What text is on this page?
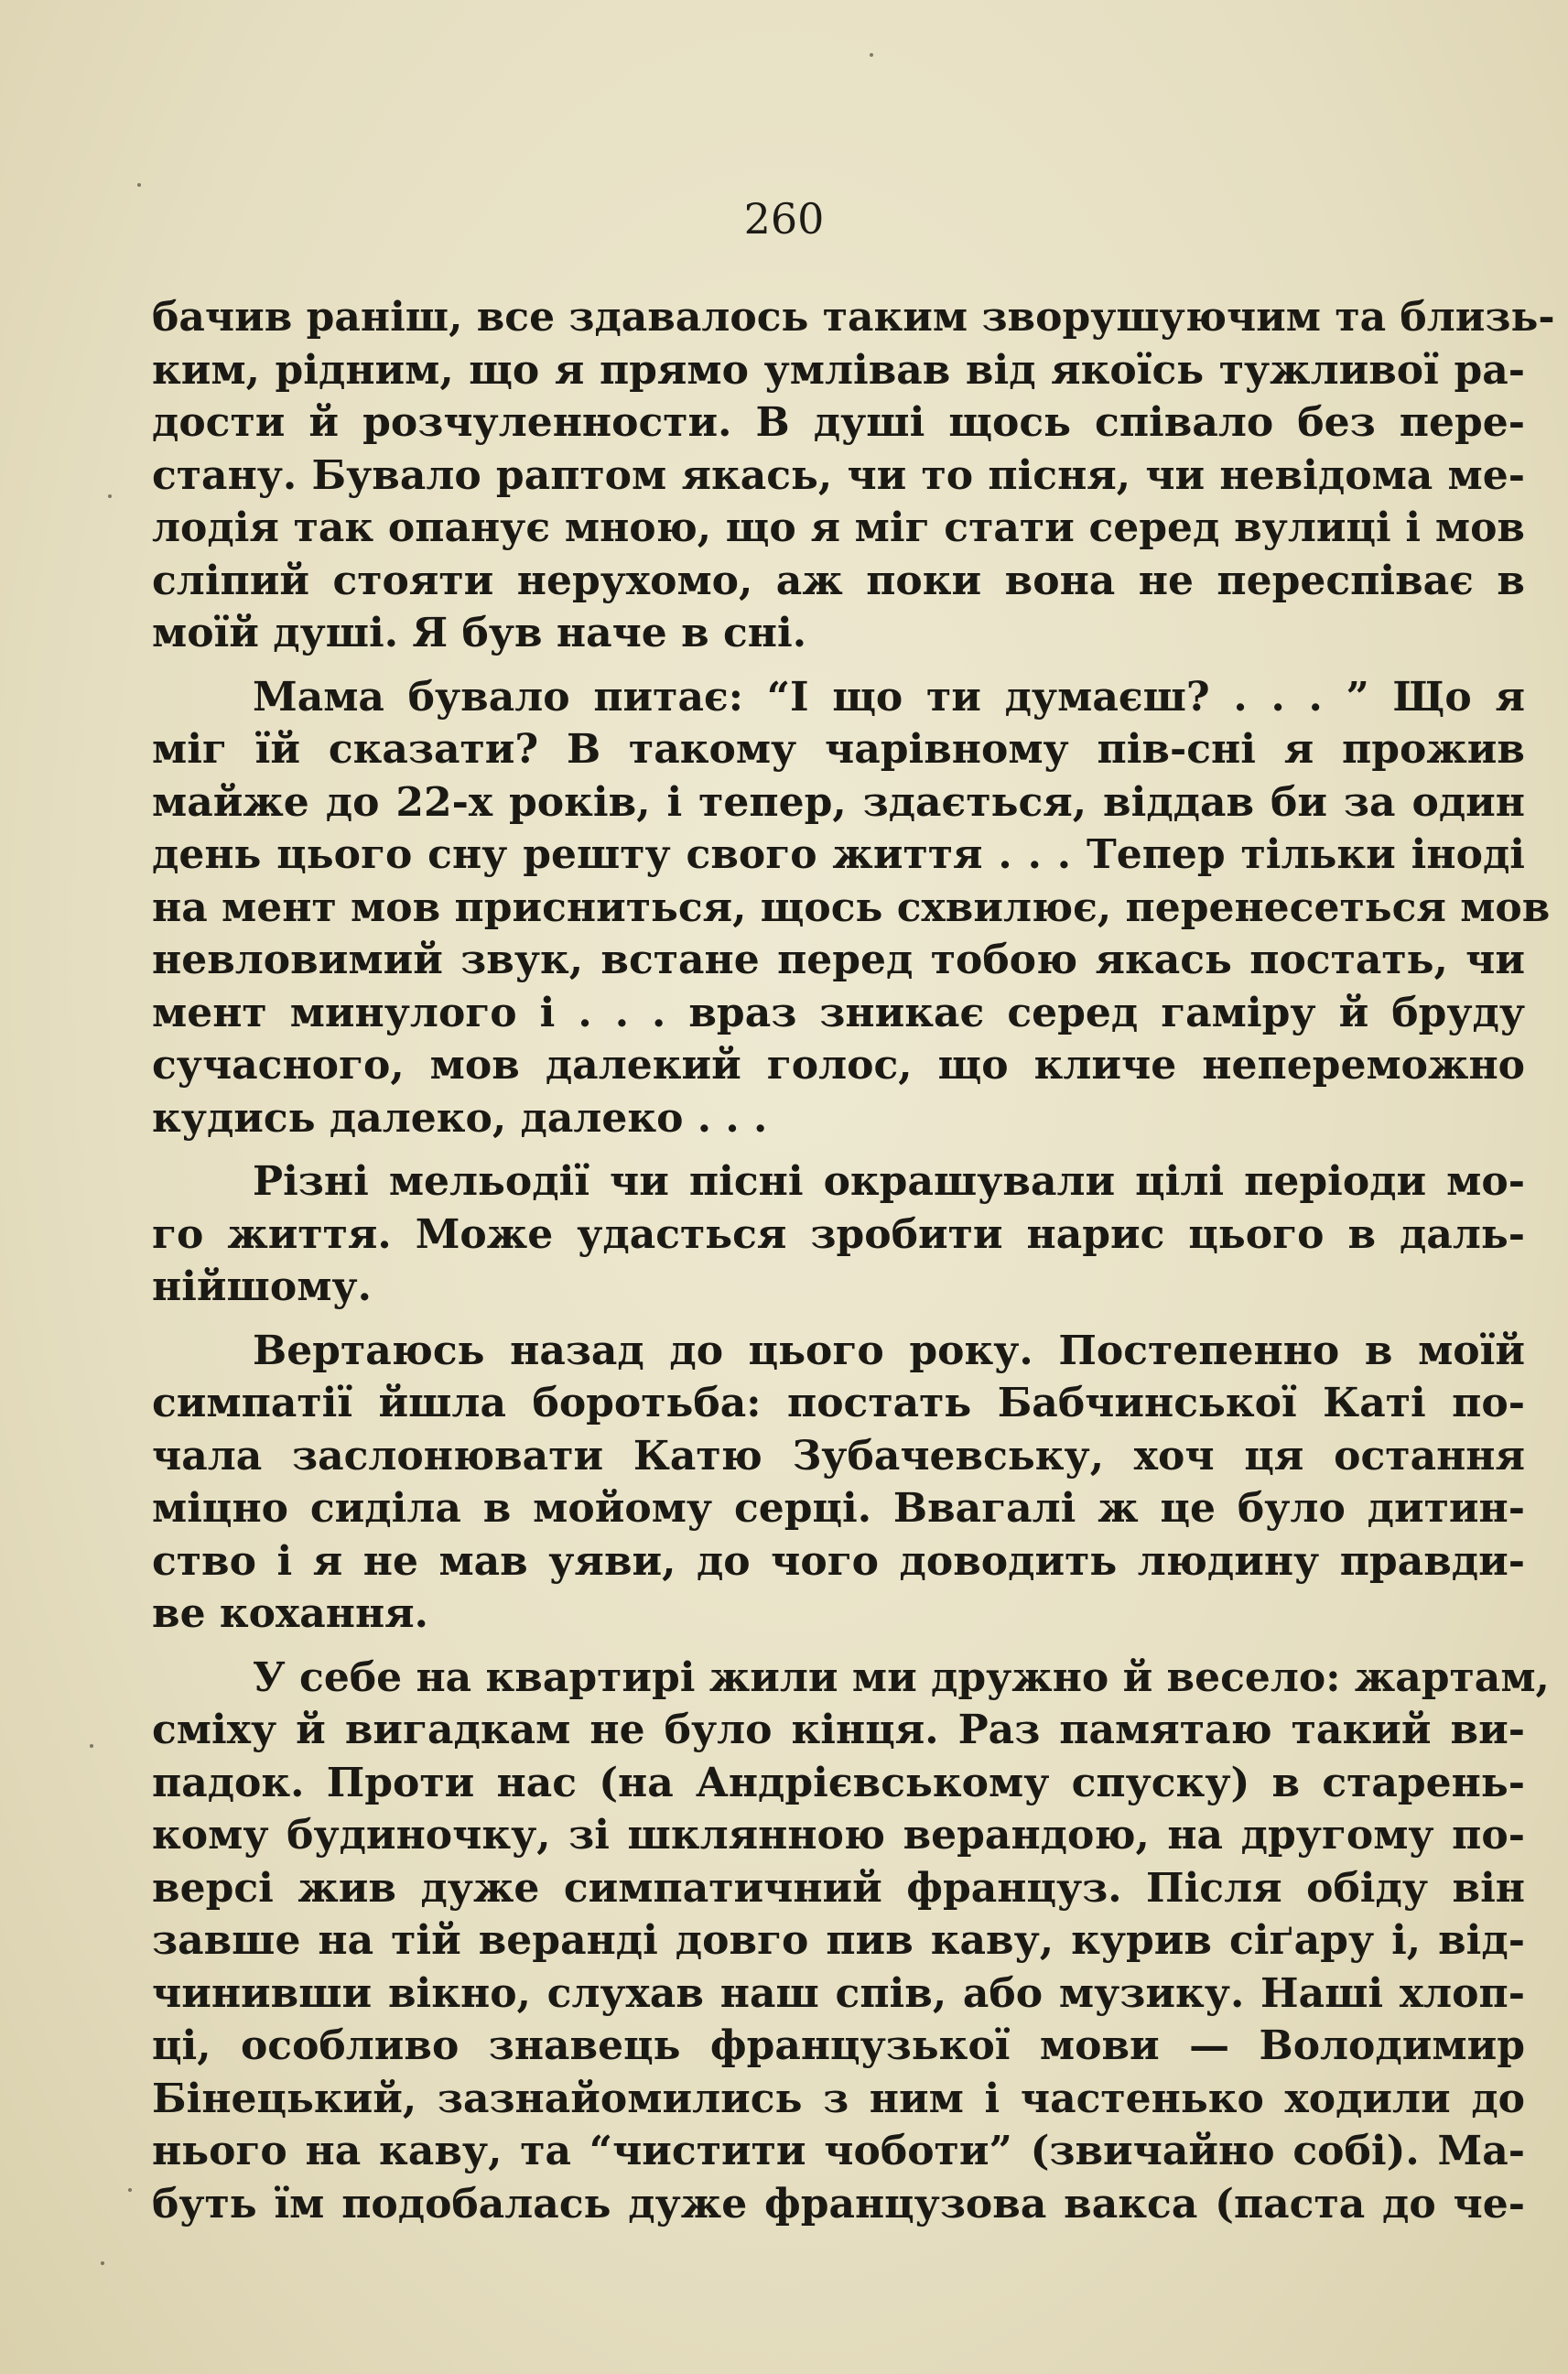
260
бачив раніш, все здавалось таким зворушуючим та близь-
ким, рідним, що я прямо умлівав від якоїсь тужливої ра-
дости й розчуленности. В душі щось співало без пере-
стану. Бувало раптом якась, чи то пісня, чи невідома ме-
лодія так опанує мною, що я міг стати серед вулиці і мов
сліпий стояти нерухомо, аж поки вона не переспіває в
моїй душі. Я був наче в сні.
Мама бувало питає: “І що ти думаєш? . . . ” Що я
міг їй сказати? В такому чарівному пів-сні я прожив
майже до 22-х років, і тепер, здається, віддав би за один
день цього сну решту свого життя . . . Тепер тільки іноді
на мент мов присниться, щось схвилює, перенесеться мов
невловимий звук, встане перед тобою якась постать, чи
мент минулого і . . . враз зникає серед гаміру й бруду
сучасного, мов далекий голос, що кличе непереможно
кудись далеко, далеко . . .
Різні мельодії чи пісні окрашували цілі періоди мо-
го життя. Може удасться зробити нарис цього в даль-
нійшому.
Вертаюсь назад до цього року. Постепенно в моїй
симпатії йшла боротьба: постать Бабчинської Каті по-
чала заслонювати Катю Зубачевську, хоч ця остання
міцно сиділа в мойому серці. Ввагалі ж це було дитин-
ство і я не мав уяви, до чого доводить людину правди-
ве кохання.
У себе на квартирі жили ми дружно й весело: жартам,
сміху й вигадкам не було кінця. Раз памятаю такий ви-
падок. Проти нас (на Андрієвському спуску) в старень-
кому будиночку, зі шклянною верандою, на другому по-
версі жив дуже симпатичний француз. Після обіду він
завше на тій веранді довго пив каву, курив сіґару і, від-
чинивши вікно, слухав наш спів, або музику. Наші хлоп-
ці, особливо знавець французької мови — Володимир
Бінецький, зазнайомились з ним і частенько ходили до
нього на каву, та “чистити чоботи” (звичайно собі). Ма-
буть їм подобалась дуже французова вакса (паста до че-
